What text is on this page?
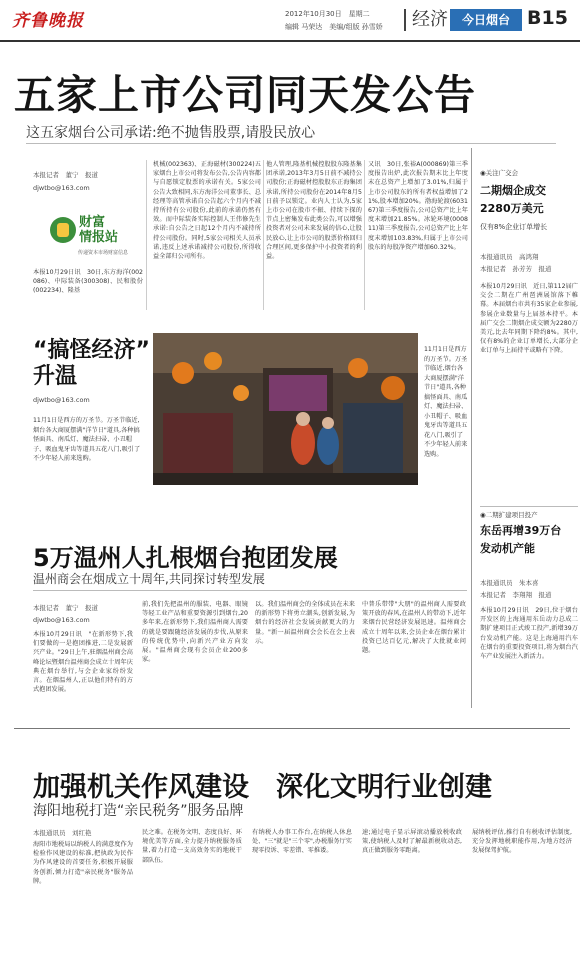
齐鲁晚报	2012年10月30日　星期二
编辑 马荣达　美编/组版 孙雪娇	经济	今日烟台 B15
五家上市公司同天发公告
这五家烟台公司承诺:绝不抛售股票,请股民放心
本报记者　董宁　报道
djwtbo@163.com
财富
情报站
传递资本市场财富信息
本报10月29日讯　30日,东方海洋(002086)、中际装备(300308)、民和股份(002234)、隆基
机械(002363)、正海磁材(300224)五家烟台上市公司将发布公告,公告内容都与自愿锁定股票的承诺有关。5家公司公告大致相同,东方海洋公司董事长、总经理等高管承诺自公告起六个月内不减持所持有公司股份,此前的承诺仍然有效。而中际装备实际控制人王伟修先生承诺:自公告之日起12个月内不减持所持公司股份。同时,5家公司相关人员承诺,违反上述承诺减持公司股份,所得收益全部归公司所有。
他人管理,隆基机械控股股东隆基集团承诺,2013年3月5日前不减持公司股份;正海磁材控股股东正海集团承诺,所持公司股份在2014年8月5日前予以锁定。业内人士认为,5家上市公司在股市不振、持续下探的节点上密集发布此类公告,可以增强投资者对公司未来发展的信心,让股民放心,让上市公司的股票价格回归合理区间,更多保护中小投资者的利益。
又讯　30日,张裕A(000869)第三季度报告出炉,此次报告期末比上年度末在总资产上增加了3.01%,归属于上市公司股东的所有者权益增加了21%,股本增加20%。渤海轮渡(603167)第三季度报告,公司总资产比上年度末增加21.85%。冰轮环境(000811)第三季度报告,公司总资产比上年度末增加103.83%,归属于上市公司股东的每股净资产增加60.32%。
“搞怪经济”
升温
djwtbo@163.com
11月1日是西方的万圣节。万圣节临近,烟台各大商厦摆满"洋节日"道具,各种搞怪面具、南瓜灯、魔法扫帚、小丑帽子、吸血鬼牙齿等道具五花八门,吸引了不少年轻人前来选购。
11月1日是西方的万圣节。万圣节临近,烟台各大商厦摆满"洋节日"道具,各种搞怪面具、南瓜灯、魔法扫帚、小丑帽子、吸血鬼牙齿等道具五花八门,吸引了不少年轻人前来选购。
◉关注广交会
二期烟企成交
2280万美元
仅有8%企业订单增长
本报通讯员　高鸿翔
本报记者　孙芳芳　报道
本报10月29日讯　近日,第112届广交会二期在广州琶洲展馆落下帷幕。本届烟台市共有35家企业参展,参展企业数量与上届基本持平。本届广交会二期烟企成交额为2280万美元,比去年同期下降约8%。其中,仅有8%的企业订单增长,大部分企业订单与上届持平或略有下降。
◉二期扩建项目投产
东岳再增39万台
发动机产能
本报通讯员　朱本喜
本报记者　李翔翔　报道
本报10月29日讯　29日,位于烟台开发区的上海通用东岳动力总成二期扩建项目正式竣工投产,新增39万台发动机产能。这是上海通用汽车在烟台的重要投资项目,将为烟台汽车产业发展注入新活力。
5万温州人扎根烟台抱团发展
温州商会在烟成立十周年,共同探讨转型发展
本报记者　董宁　报道
djwtbo@163.com
本报10月29日讯　"在新形势下,我们要做的一是抱团推进,二是发展新兴产业。"29日上午,驻烟温州商会高峰论坛暨烟台温州商会成立十周年庆典在烟台举行,与会企业家纷纷发言。在烟温州人,正以他们特有的方式抱团发展。
前,我们先把温州的服装、电器、眼镜等轻工业产品和重要资源引到烟台,20多年来,在新形势下,我们温州商人需要的就是要跟随经济发展的步伐,从原来的传统优势中,向新兴产业方向发展。"温州商会现有会员企业200多家。
以。我们温州商会的全体成员在未来的新形势下将勇立潮头,创新发展,为烟台的经济社会发展贡献更大的力量。"新一届温州商会会长在会上表示。
中普乐带带"大朋"的温州商人需要政策开放的春风,在温州人的带动下,近年来烟台民营经济发展迅速。温州商会成立十周年以来,会员企业在烟台累计投资已达百亿元,解决了大批就业问题。
加强机关作风建设　深化文明行业创建
海阳地税打造“亲民税务”服务品牌
本报通讯员　刘红艳
海阳市地税局以纳税人的满意度作为检验作风建设的标准,把执政为民作为作风建设的首要任务,积极开展服务创新,倾力打造"亲民税务"服务品牌。
民之难。在税务文明、态度良好、环境优美等方面,全力提升纳税服务质量,着力打造一支高效务实的地税干部队伍。
有纳税人办事工作台,在纳税人休息处、"三"就是"三个零",办税服务厅实现零投诉、零差错、零推诿。
速;通过电子显示屏滚动播放税收政策,使纳税人及时了解最新税收动态,真正做到服务零距离。
展纳税评估,推行自有税收评估制度,充分发挥地税职能作用,为地方经济发展保驾护航。
